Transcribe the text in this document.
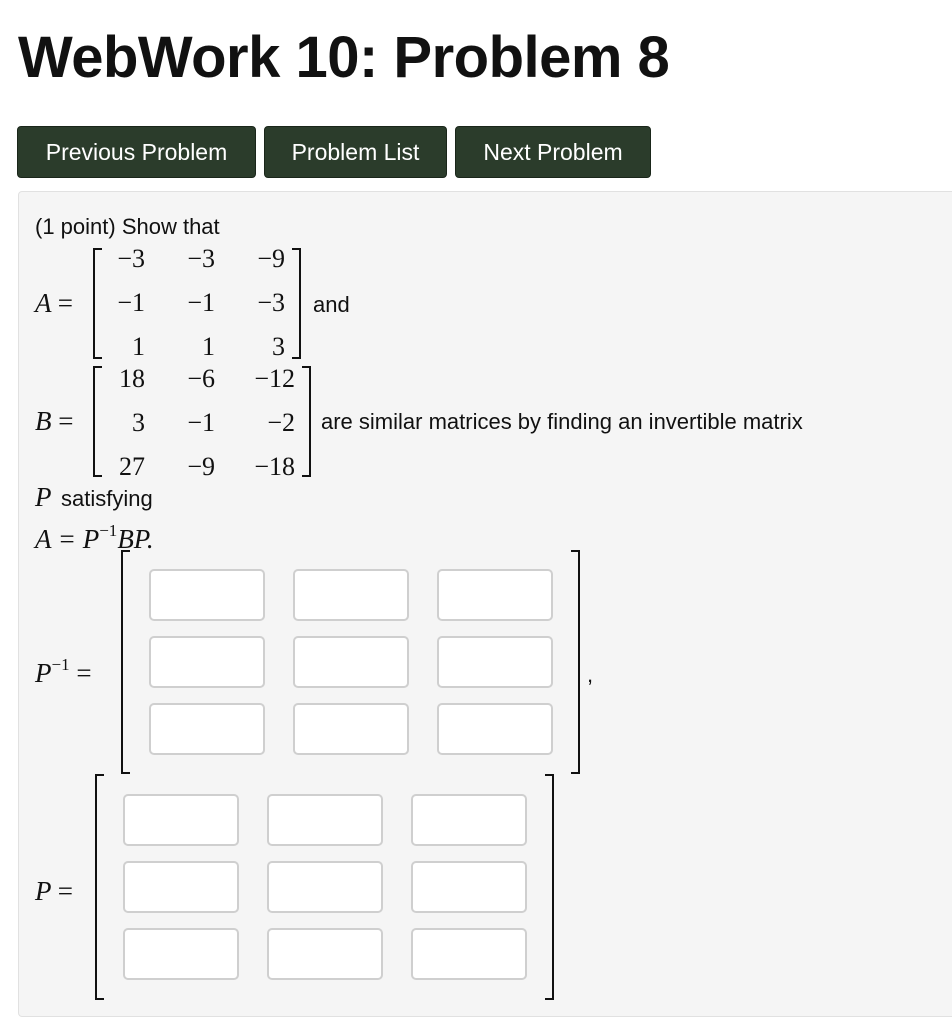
WebWork 10: Problem 8
Previous Problem	Problem List	Next Problem
(1 point) Show that
A =
−3	−3	−9
−1	−1	−3
1	1	3
and
B =
18	−6	−12
3	−1	−2
27	−9	−18
are similar matrices by finding an invertible matrix
P satisfying
$A = P^{-1}BP$.
$P^{-1}$ =	,
P =
